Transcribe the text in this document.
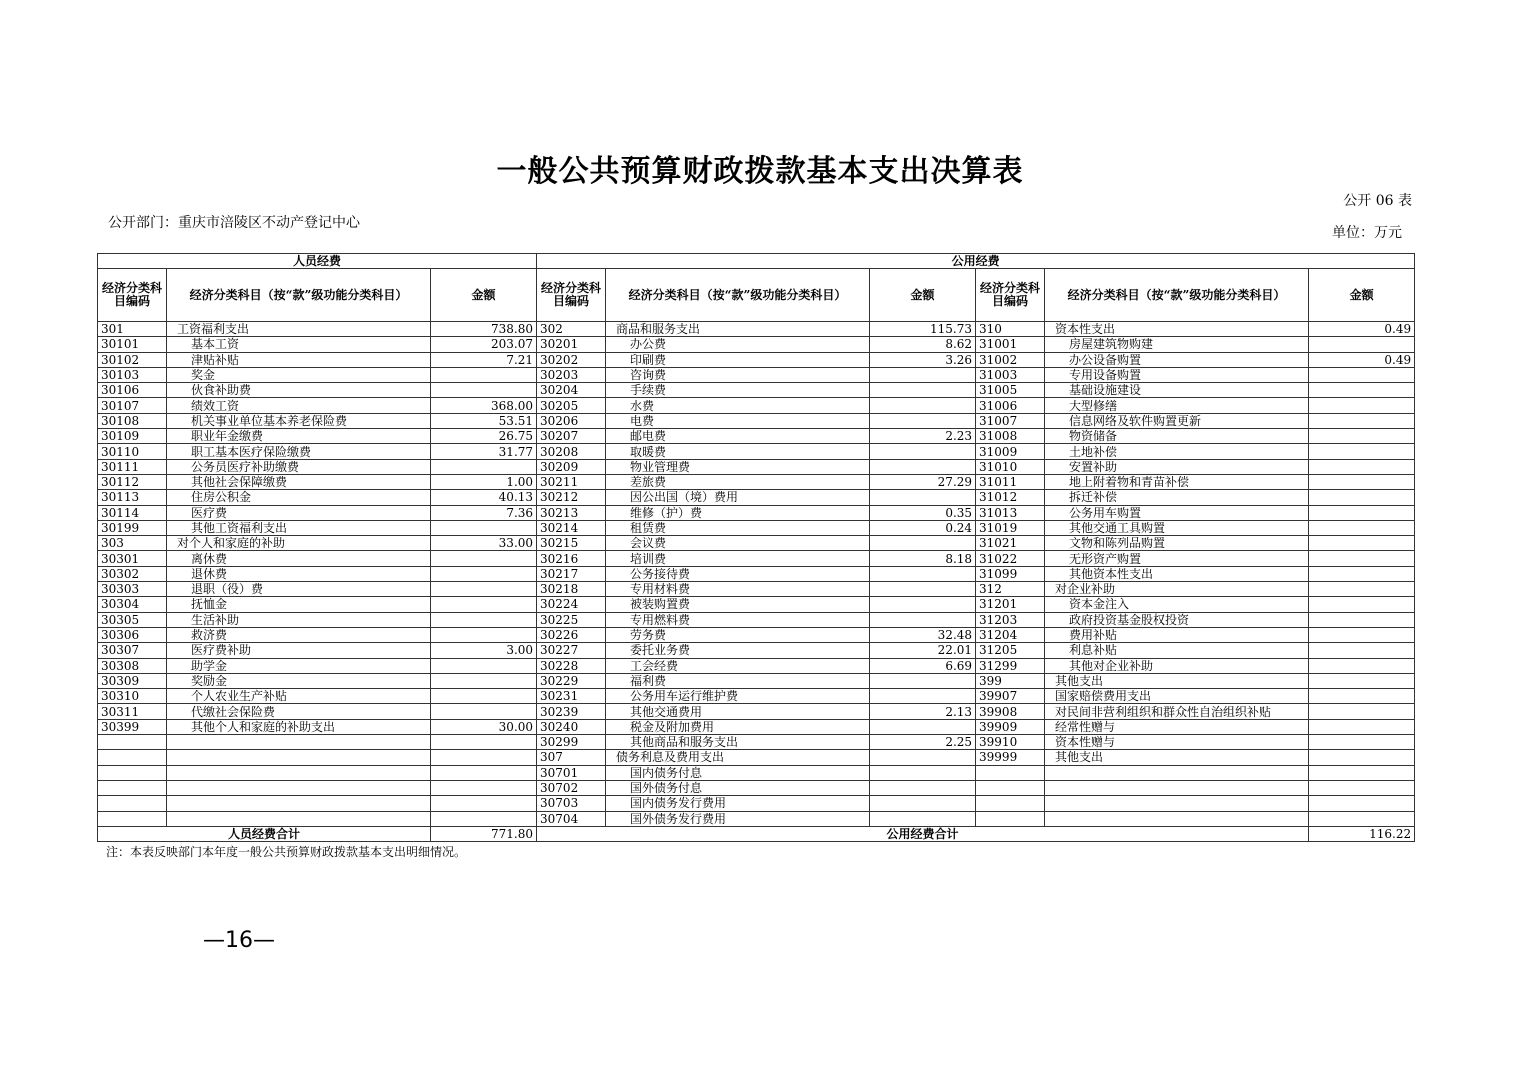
一般公共预算财政拨款基本支出决算表
公开 06 表
公开部门：重庆市涪陵区不动产登记中心
单位：万元
人员经费			公用经费					
经济分类科目编码	经济分类科目（按“款”级功能分类科目）	金额	经济分类科目编码	经济分类科目（按“款”级功能分类科目）	金额	经济分类科目编码	经济分类科目（按“款”级功能分类科目）	金额
301	工资福利支出	738.80	302	商品和服务支出	115.73	310	资本性支出	0.49
30101	基本工资	203.07	30201	办公费	8.62	31001	房屋建筑物购建	
30102	津贴补贴	7.21	30202	印刷费	3.26	31002	办公设备购置	0.49
30103	奖金		30203	咨询费		31003	专用设备购置	
30106	伙食补助费		30204	手续费		31005	基础设施建设	
30107	绩效工资	368.00	30205	水费		31006	大型修缮	
30108	机关事业单位基本养老保险费	53.51	30206	电费		31007	信息网络及软件购置更新	
30109	职业年金缴费	26.75	30207	邮电费	2.23	31008	物资储备	
30110	职工基本医疗保险缴费	31.77	30208	取暖费		31009	土地补偿	
30111	公务员医疗补助缴费		30209	物业管理费		31010	安置补助	
30112	其他社会保障缴费	1.00	30211	差旅费	27.29	31011	地上附着物和青苗补偿	
30113	住房公积金	40.13	30212	因公出国（境）费用		31012	拆迁补偿	
30114	医疗费	7.36	30213	维修（护）费	0.35	31013	公务用车购置	
30199	其他工资福利支出		30214	租赁费	0.24	31019	其他交通工具购置	
303	对个人和家庭的补助	33.00	30215	会议费		31021	文物和陈列品购置	
30301	离休费		30216	培训费	8.18	31022	无形资产购置	
30302	退休费		30217	公务接待费		31099	其他资本性支出	
30303	退职（役）费		30218	专用材料费		312	对企业补助	
30304	抚恤金		30224	被装购置费		31201	资本金注入	
30305	生活补助		30225	专用燃料费		31203	政府投资基金股权投资	
30306	救济费		30226	劳务费	32.48	31204	费用补贴	
30307	医疗费补助	3.00	30227	委托业务费	22.01	31205	利息补贴	
30308	助学金		30228	工会经费	6.69	31299	其他对企业补助	
30309	奖励金		30229	福利费		399	其他支出	
30310	个人农业生产补贴		30231	公务用车运行维护费		39907	国家赔偿费用支出	
30311	代缴社会保险费		30239	其他交通费用	2.13	39908	对民间非营利组织和群众性自治组织补贴	
30399	其他个人和家庭的补助支出	30.00	30240	税金及附加费用		39909	经常性赠与	
			30299	其他商品和服务支出	2.25	39910	资本性赠与	
			307	债务利息及费用支出		39999	其他支出	
			30701	国内债务付息				
			30702	国外债务付息				
			30703	国内债务发行费用				
			30704	国外债务发行费用				
人员经费合计		771.80	公用经费合计					116.22
注：本表反映部门本年度一般公共预算财政拨款基本支出明细情况。
—16—
